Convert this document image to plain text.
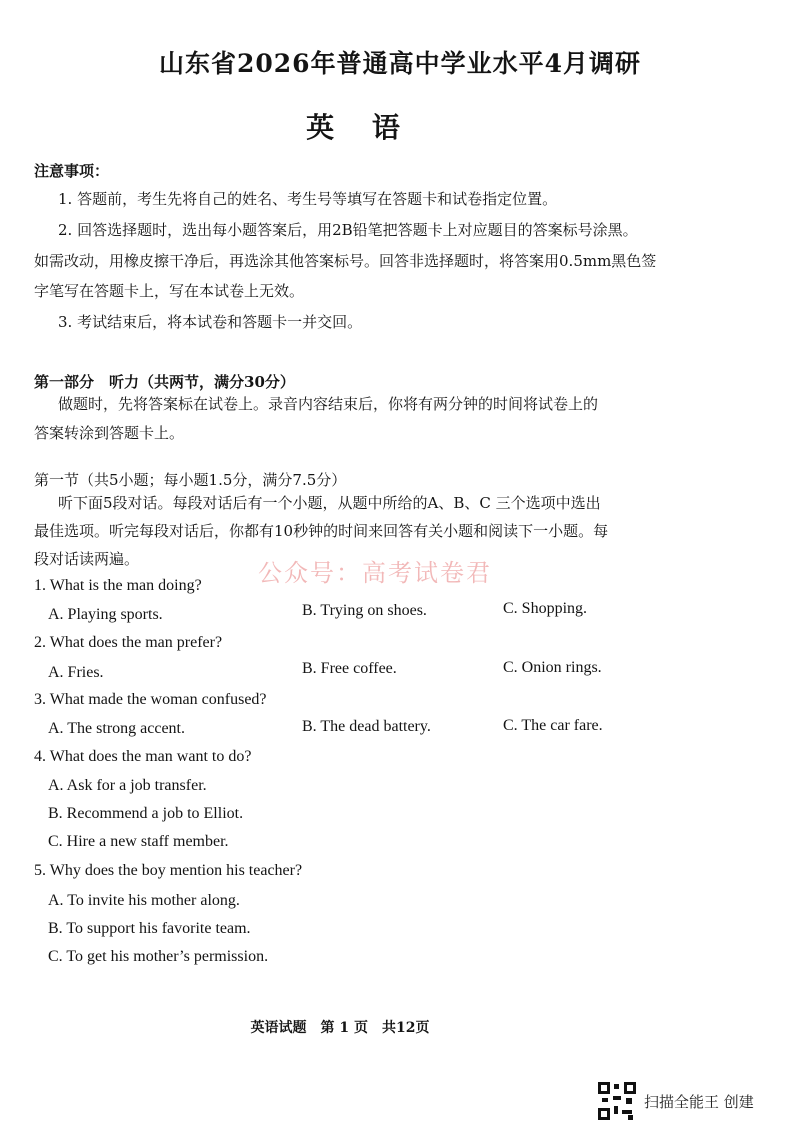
山东省2026年普通高中学业水平4月调研
英 语
注意事项：
1. 答题前，考生先将自己的姓名、考生号等填写在答题卡和试卷指定位置。
2. 回答选择题时，选出每小题答案后，用2B铅笔把答题卡上对应题目的答案标号涂黑。
如需改动，用橡皮擦干净后，再选涂其他答案标号。回答非选择题时，将答案用0.5mm黑色签
字笔写在答题卡上，写在本试卷上无效。
3. 考试结束后，将本试卷和答题卡一并交回。
第一部分　听力（共两节，满分30分）
做题时，先将答案标在试卷上。录音内容结束后，你将有两分钟的时间将试卷上的
答案转涂到答题卡上。
第一节（共5小题；每小题1.5分，满分7.5分）
听下面5段对话。每段对话后有一个小题，从题中所给的A、B、C 三个选项中选出
最佳选项。听完每段对话后，你都有10秒钟的时间来回答有关小题和阅读下一小题。每
段对话读两遍。	公众号：高考试卷君
1. What is the man doing?
A. Playing sports.	B. Trying on shoes.	C. Shopping.
2. What does the man prefer?
A. Fries.	B. Free coffee.	C. Onion rings.
3. What made the woman confused?
A. The strong accent.	B. The dead battery.	C. The car fare.
4. What does the man want to do?
A. Ask for a job transfer.
B. Recommend a job to Elliot.
C. Hire a new staff member.
5. Why does the boy mention his teacher?
A. To invite his mother along.
B. To support his favorite team.
C. To get his mother’s permission.
英语试题　第 1 页　共12页
扫描全能王 创建
